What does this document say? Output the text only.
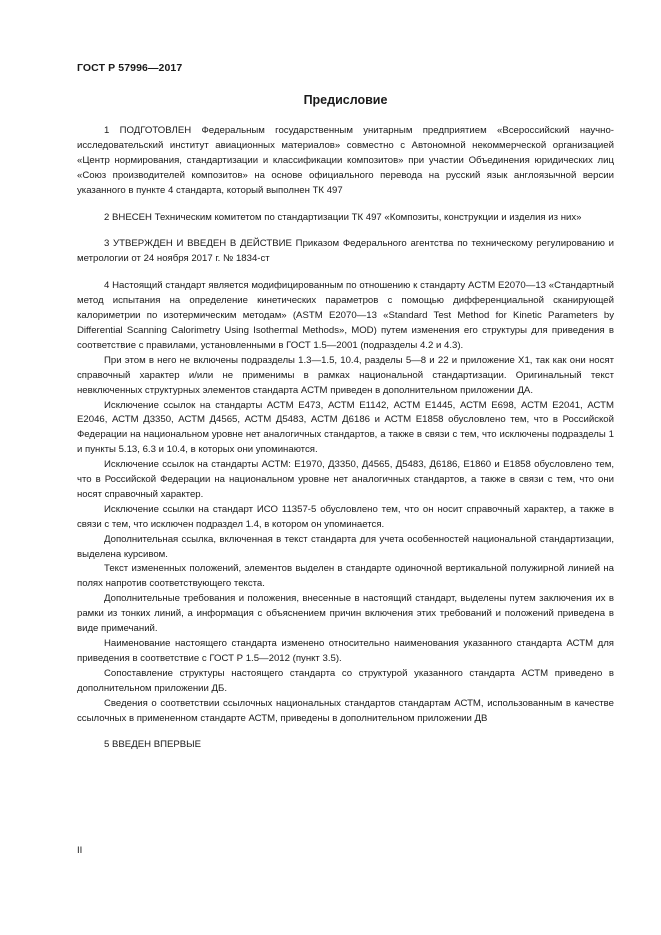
ГОСТ Р 57996—2017
Предисловие

1 ПОДГОТОВЛЕН Федеральным государственным унитарным предприятием «Всероссийский научно-исследовательский институт авиационных материалов» совместно с Автономной некоммерческой организацией «Центр нормирования, стандартизации и классификации композитов» при участии Объединения юридических лиц «Союз производителей композитов» на основе официального перевода на русский язык англоязычной версии указанного в пункте 4 стандарта, который выполнен ТК 497

2 ВНЕСЕН Техническим комитетом по стандартизации ТК 497 «Композиты, конструкции и изделия из них»

3 УТВЕРЖДЕН И ВВЕДЕН В ДЕЙСТВИЕ Приказом Федерального агентства по техническому регулированию и метрологии от 24 ноября 2017 г. № 1834-ст

4 Настоящий стандарт является модифицированным по отношению к стандарту ACTM E2070—13 «Стандартный метод испытания на определение кинетических параметров с помощью дифференциальной сканирующей калориметрии по изотермическим методам» (ASTM E2070—13 «Standard Test Method for Kinetic Parameters by Differential Scanning Calorimetry Using Isothermal Methods», MOD) путем изменения его структуры для приведения в соответствие с правилами, установленными в ГОСТ 1.5—2001 (подразделы 4.2 и 4.3).

При этом в него не включены подразделы 1.3—1.5, 10.4, разделы 5—8 и 22 и приложение X1, так как они носят справочный характер и/или не применимы в рамках национальной стандартизации. Оригинальный текст невключенных структурных элементов стандарта АСТМ приведен в дополнительном приложении ДА.

Исключение ссылок на стандарты АСТМ E473, АСТМ E1142, АСТМ E1445, АСТМ E698, АСТМ E2041, АСТМ E2046, АСТМ Д3350, АСТМ Д4565, АСТМ Д5483, АСТМ Д6186 и АСТМ E1858 обусловлено тем, что в Российской Федерации на национальном уровне нет аналогичных стандартов, а также в связи с тем, что исключены подразделы 1 и пункты 5.13, 6.3 и 10.4, в которых они упоминаются.

Исключение ссылок на стандарты АСТМ: E1970, Д3350, Д4565, Д5483, Д6186, E1860 и E1858 обусловлено тем, что в Российской Федерации на национальном уровне нет аналогичных стандартов, а также в связи с тем, что они носят справочный характер.

Исключение ссылки на стандарт ИСО 11357-5 обусловлено тем, что он носит справочный характер, а также в связи с тем, что исключен подраздел 1.4, в котором он упоминается.

Дополнительная ссылка, включенная в текст стандарта для учета особенностей национальной стандартизации, выделена курсивом.

Текст измененных положений, элементов выделен в стандарте одиночной вертикальной полужирной линией на полях напротив соответствующего текста.

Дополнительные требования и положения, внесенные в настоящий стандарт, выделены путем заключения их в рамки из тонких линий, а информация с объяснением причин включения этих требований и положений приведена в виде примечаний.

Наименование настоящего стандарта изменено относительно наименования указанного стандарта АСТМ для приведения в соответствие с ГОСТ Р 1.5—2012 (пункт 3.5).

Сопоставление структуры настоящего стандарта со структурой указанного стандарта АСТМ приведено в дополнительном приложении ДБ.

Сведения о соответствии ссылочных национальных стандартов стандартам АСТМ, использованным в качестве ссылочных в примененном стандарте АСТМ, приведены в дополнительном приложении ДВ

5 ВВЕДЕН ВПЕРВЫЕ

II
